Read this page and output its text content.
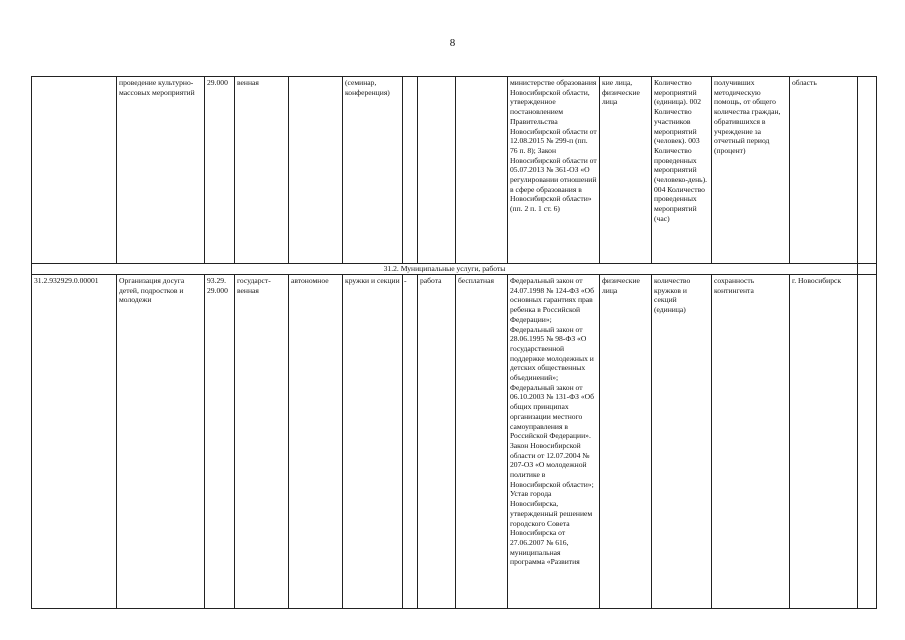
8
	проведение культурно-массовых мероприятий	29.000	венная		(семинар, конференция)				министерстве образования Новосибирской области, утвержденное постановлением Правительства Новосибирской области от 12.08.2015 № 299-п (пп. 76 п. 8); Закон Новосибирской области от 05.07.2013 № 361-ОЗ «О регулировании отношений в сфере образования в Новосибирской области» (пп. 2 п. 1 ст. 6)	кие лица, физические лица	Количество мероприятий (единица). 002 Количество участников мероприятий (человек). 003 Количество проведенных мероприятий (человеко-день). 004 Количество проведенных мероприятий (час)	получивших методическую помощь, от общего количества граждан, обратившихся в учреждение за отчетный период (процент)	область	
31.2. Муниципальные услуги, работы														
31.2.932929.0.00001	Организация досуга детей, подростков и молодежи	93.29. 29.000	государст-венная	автономное	кружки и секции	-	работа	бесплатная	Федеральный закон от 24.07.1998 № 124-ФЗ «Об основных гарантиях прав ребенка в Российской Федерации»; Федеральный закон от 28.06.1995 № 98-ФЗ «О государственной поддержке молодежных и детских общественных объединений»; Федеральный закон от 06.10.2003 № 131-ФЗ «Об общих принципах организации местного самоуправления в Российской Федерации». Закон Новосибирской области от 12.07.2004 № 207-ОЗ «О молодежной политике в Новосибирской области»; Устав города Новосибирска, утвержденный решением городского Совета Новосибирска от 27.06.2007 № 616, муниципальная программа «Развития	физические лица	количество кружков и секций (единица)	сохранность контингента	г. Новосибирск	
